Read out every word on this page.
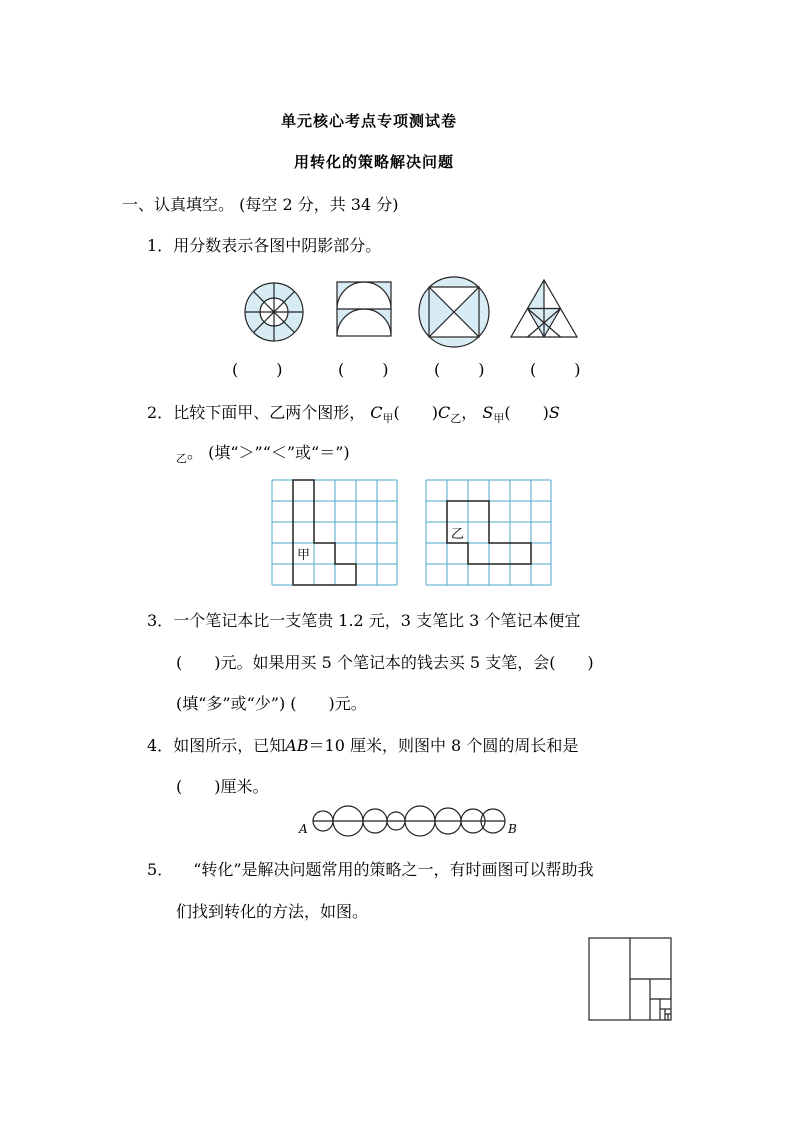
单元核心考点专项测试卷
用转化的策略解决问题
一、认真填空。 (每空 2 分，共 34 分)
1．用分数表示各图中阴影部分。
(　　)	(　　)	(　　)	(　　)
2．比较下面甲、乙两个图形， $C_甲$(　　)$C_乙$， $S_甲$(　　)S
$_乙$。 (填“＞”“＜”或“＝”)
甲
乙
3．一个笔记本比一支笔贵 1.2 元，3 支笔比 3 个笔记本便宜
(　　)元。如果用买 5 个笔记本的钱去买 5 支笔，会(　　)
(填“多”或“少”) (　　)元。
4．如图所示，已知AB＝10 厘米，则图中 8 个圆的周长和是
(　　)厘米。
A	B
5． “转化”是解决问题常用的策略之一，有时画图可以帮助我
们找到转化的方法，如图。
